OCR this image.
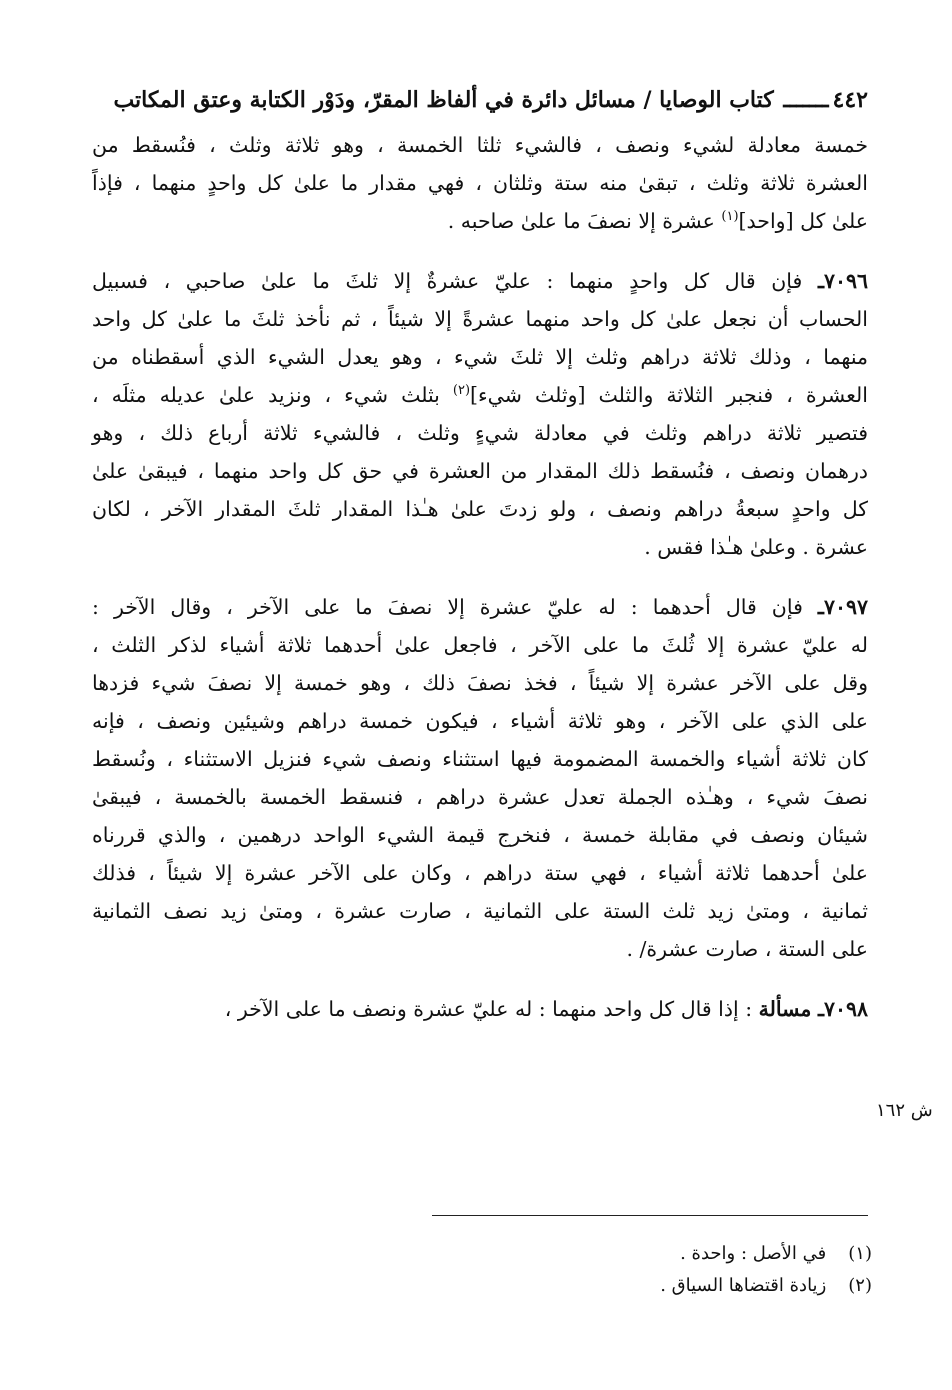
٤٤٢ـــــــ كتاب الوصايا / مسائل دائرة في ألفاظ المقرّ، ودَوْر الكتابة وعتق المكاتب
خمسة معادلة لشيء ونصف ، فالشيء ثلثا الخمسة ، وهو ثلاثة وثلث ، فنُسقط من
العشرة ثلاثة وثلث ، تبقىٰ منه ستة وثلثان ، فهي مقدار ما علىٰ كل واحدٍ منهما ، فإذاً
علىٰ كل [واحد]$^{(١)}$ عشرة إلا نصفَ ما علىٰ صاحبه .
٧٠٩٦ـ فإن قال كل واحدٍ منهما : عليّ عشرةٌ إلا ثلثَ ما علىٰ صاحبي ، فسبيل
الحساب أن نجعل علىٰ كل واحد منهما عشرةً إلا شيئاً ، ثم نأخذ ثلثَ ما علىٰ كل واحد
منهما ، وذلك ثلاثة دراهم وثلث إلا ثلثَ شيء ، وهو يعدل الشيء الذي أسقطناه من
العشرة ، فنجبر الثلاثة والثلث [وثلث شيء]$^{(٢)}$ بثلث شيء ، ونزيد علىٰ عديله مثلَه ،
فتصير ثلاثة دراهم وثلث في معادلة شيءٍ وثلث ، فالشيء ثلاثة أرباع ذلك ، وهو
درهمان ونصف ، فنُسقط ذلك المقدار من العشرة في حق كل واحد منهما ، فيبقىٰ علىٰ
كل واحدٍ سبعةُ دراهم ونصف ، ولو زدتَ علىٰ هـٰذا المقدار ثلثَ المقدار الآخر ، لكان
عشرة . وعلىٰ هـٰذا فقس .
٧٠٩٧ـ فإن قال أحدهما : له عليّ عشرة إلا نصفَ ما على الآخر ، وقال الآخر :
له عليّ عشرة إلا ثُلثَ ما على الآخر ، فاجعل علىٰ أحدهما ثلاثة أشياء لذكر الثلث ،
وقل على الآخر عشرة إلا شيئاً ، فخذ نصفَ ذلك ، وهو خمسة إلا نصفَ شيء فزدها
على الذي على الآخر ، وهو ثلاثة أشياء ، فيكون خمسة دراهم وشيئين ونصف ، فإنه
كان ثلاثة أشياء والخمسة المضمومة فيها استثناء ونصف شيء فنزيل الاستثناء ، ونُسقط
نصفَ شيء ، وهـٰذه الجملة تعدل عشرة دراهم ، فنسقط الخمسة بالخمسة ، فيبقىٰ
شيئان ونصف في مقابلة خمسة ، فنخرج قيمة الشيء الواحد درهمين ، والذي قررناه
علىٰ أحدهما ثلاثة أشياء ، فهي ستة دراهم ، وكان على الآخر عشرة إلا شيئاً ، فذلك
ثمانية ، ومتىٰ زيد ثلث الستة على الثمانية ، صارت عشرة ، ومتىٰ زيد نصف الثمانية
على الستة ، صارت عشرة/ .
٧٠٩٨ـ مسألة : إذا قال كل واحد منهما : له عليّ عشرة ونصف ما على الآخر ،
ش ١٦٢
(١) في الأصل : واحدة .
(٢) زيادة اقتضاها السياق .
